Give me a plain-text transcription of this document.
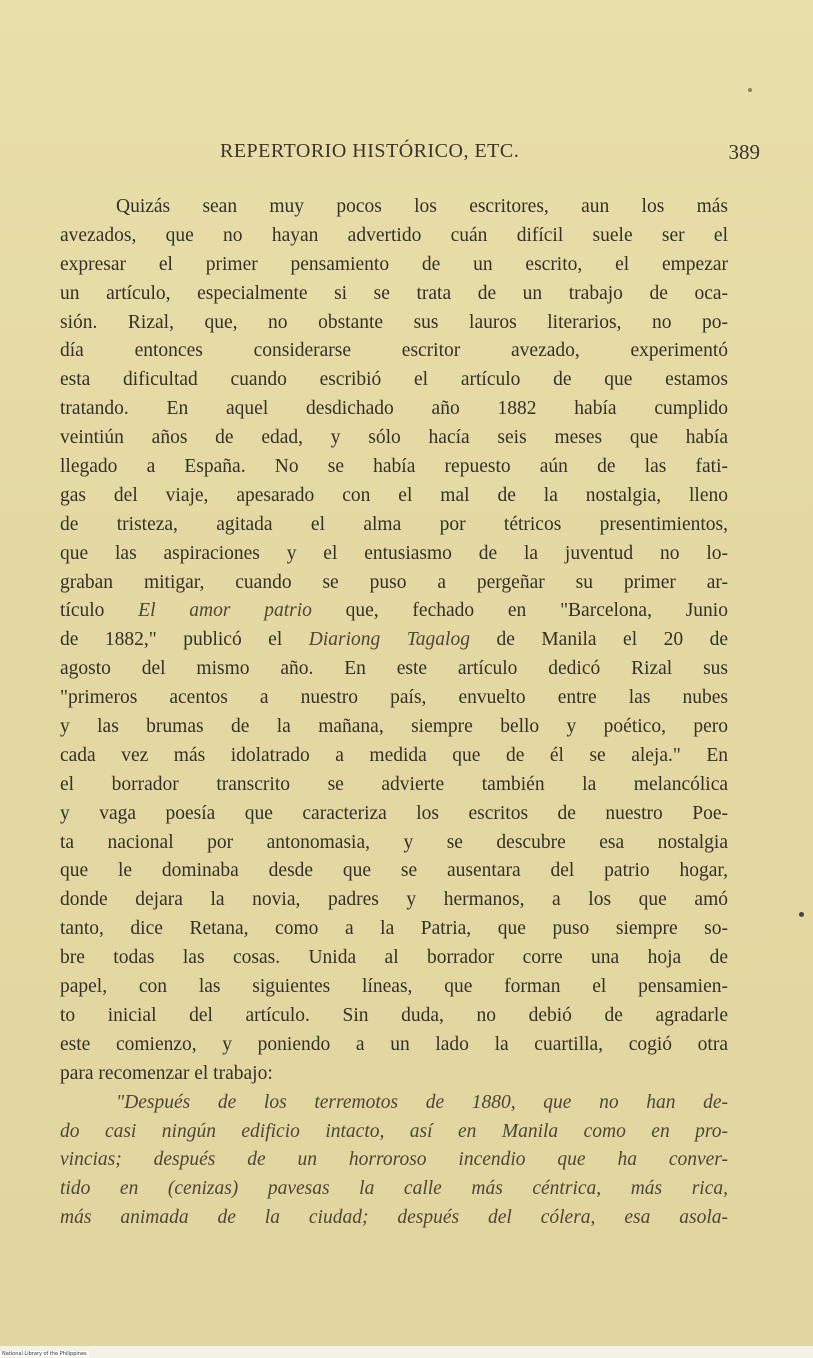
REPERTORIO HISTÓRICO, ETC.	389
Quizás sean muy pocos los escritores, aun los más
avezados, que no hayan advertido cuán difícil suele ser el
expresar el primer pensamiento de un escrito, el empezar
un artículo, especialmente si se trata de un trabajo de oca-
sión. Rizal, que, no obstante sus lauros literarios, no po-
día entonces considerarse escritor avezado, experimentó
esta dificultad cuando escribió el artículo de que estamos
tratando. En aquel desdichado año 1882 había cumplido
veintiún años de edad, y sólo hacía seis meses que había
llegado a España. No se había repuesto aún de las fati-
gas del viaje, apesarado con el mal de la nostalgia, lleno
de tristeza, agitada el alma por tétricos presentimientos,
que las aspiraciones y el entusiasmo de la juventud no lo-
graban mitigar, cuando se puso a pergeñar su primer ar-
tículo El amor patrio que, fechado en "Barcelona, Junio
de 1882," publicó el Diariong Tagalog de Manila el 20 de
agosto del mismo año. En este artículo dedicó Rizal sus
"primeros acentos a nuestro país, envuelto entre las nubes
y las brumas de la mañana, siempre bello y poético, pero
cada vez más idolatrado a medida que de él se aleja." En
el borrador transcrito se advierte también la melancólica
y vaga poesía que caracteriza los escritos de nuestro Poe-
ta nacional por antonomasia, y se descubre esa nostalgia
que le dominaba desde que se ausentara del patrio hogar,
donde dejara la novia, padres y hermanos, a los que amó
tanto, dice Retana, como a la Patria, que puso siempre so-
bre todas las cosas. Unida al borrador corre una hoja de
papel, con las siguientes líneas, que forman el pensamien-
to inicial del artículo. Sin duda, no debió de agradarle
este comienzo, y poniendo a un lado la cuartilla, cogió otra
para recomenzar el trabajo:
"Después de los terremotos de 1880, que no han de-
do casi ningún edificio intacto, así en Manila como en pro-
vincias; después de un horroroso incendio que ha conver-
tido en (cenizas) pavesas la calle más céntrica, más rica,
más animada de la ciudad; después del cólera, esa asola-
National Library of the Philippines
